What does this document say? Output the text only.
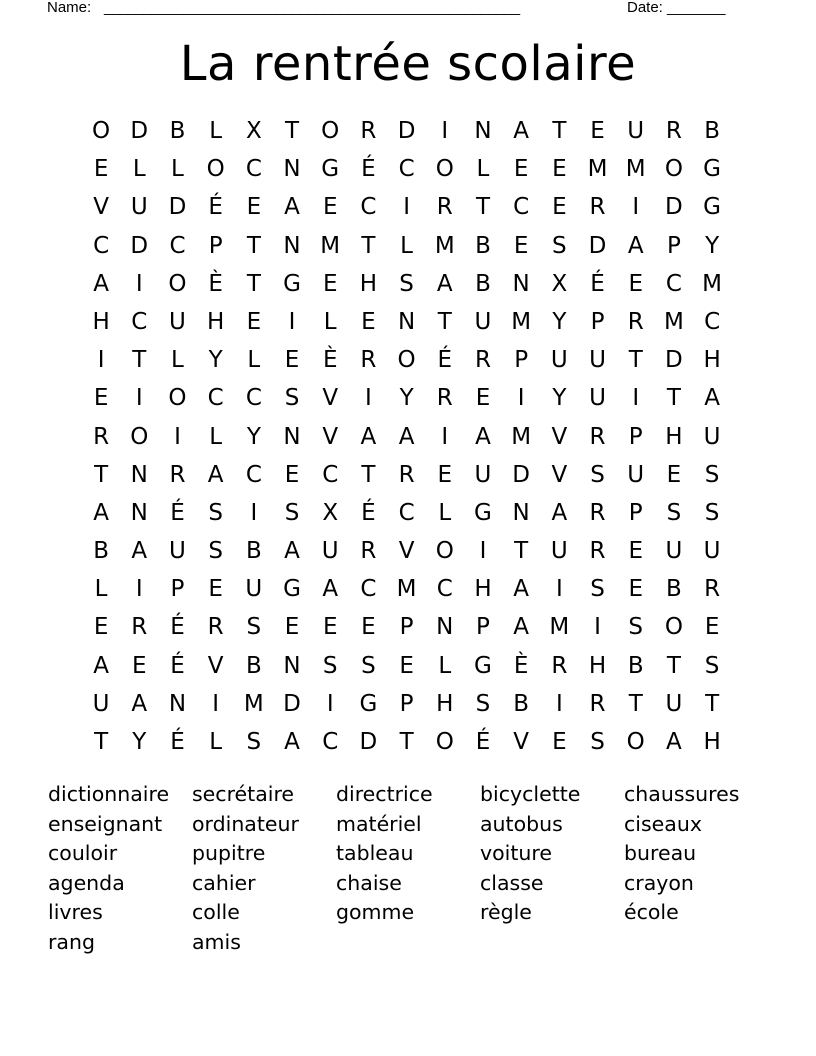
Name: _____________________________________________________	Date: _______
La rentrée scolaire
O D B	L	X	T O R D	I	N A	T	E U R B
E	L	L O C N G É C O L	E	E M M O G
V U D É	E	A	E C	I	R	T	C E R	I	D G
C D C	P	T N M T	L M B	E	S D A	P	Y
A	I	O È	T G E H S	A B N X	É	E C M
H C U H E	I	L	E N T U M Y	P	R M C
I	T	L	Y	L	E	È R O É R	P U U T D H
E	I	O C C S	V	I	Y	R E	I	Y U	I	T	A
R O	I	L	Y N V A A	I	A M V R	P H U
T N R A C E C	T	R E U D V	S U E	S
A N É	S	I	S	X	É C	L G N A R	P	S	S
B A U S	B A U R V O	I	T U R E U U
L	I	P	E U G A C M C H A	I	S	E	B R
E R É R S	E	E	E	P N P	A M	I	S O E
A	E	É	V B N S	S	E	L G È R H B	T	S
U A N	I	M D	I	G P H S	B	I	R	T U T
T	Y	É	L	S	A C D T O É	V	E	S O A H
dictionnaire	secrétaire	directrice	bicyclette	chaussures
enseignant	ordinateur	matériel	autobus	ciseaux
couloir	pupitre	tableau	voiture	bureau
agenda	cahier	chaise	classe	crayon
livres	colle	gomme	règle	école
rang	amis
